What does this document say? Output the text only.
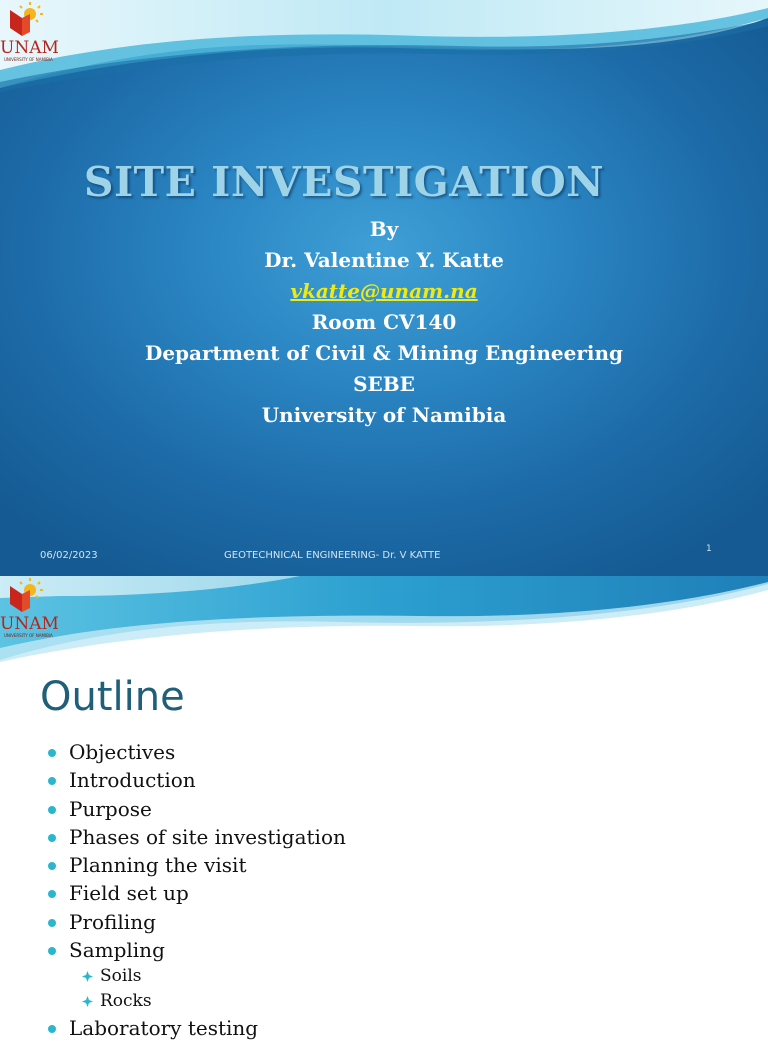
UNAM
UNIVERSITY OF NAMIBIA
SITE INVESTIGATION
By
Dr. Valentine Y. Katte
vkatte@unam.na
Room CV140
Department of Civil & Mining Engineering
SEBE
University of Namibia
06/02/2023	GEOTECHNICAL ENGINEERING- Dr. V KATTE
1
UNAM
UNIVERSITY OF NAMIBIA
Outline
Objectives
Introduction
Purpose
Phases of site investigation
Planning the visit
Field set up
Profiling
Sampling
Soils
Rocks
Laboratory testing
